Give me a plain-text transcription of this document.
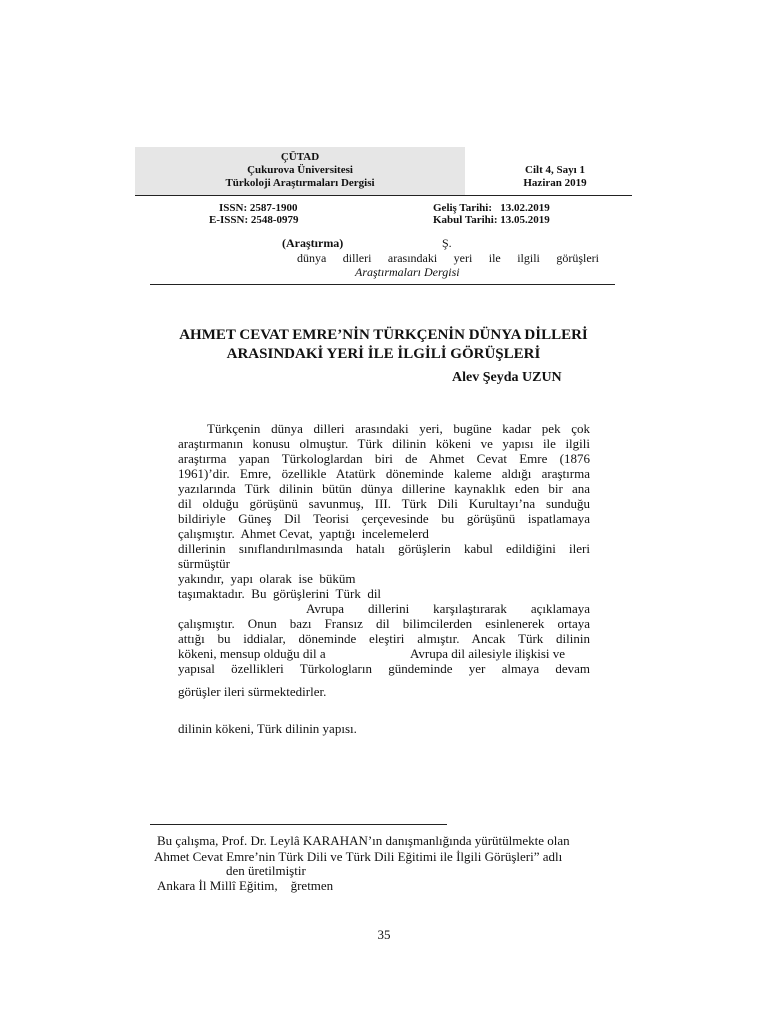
ÇÜTAD
Çukurova Üniversitesi
Türkoloji Araştırmaları Dergisi
Cilt 4, Sayı 1
Haziran 2019
ISSN: 2587-1900
E-ISSN: 2548-0979
Geliş Tarihi:   13.02.2019
Kabul Tarihi: 13.05.2019
(Araştırma)	Ş.
dünya dilleri arasındaki yeri ile ilgili görüşleri
Araştırmaları Dergisi
AHMET CEVAT EMRE’NİN TÜRKÇENİN DÜNYA DİLLERİ
ARASINDAKİ YERİ İLE İLGİLİ GÖRÜŞLERİ
Alev Şeyda UZUN
Türkçenin dünya dilleri arasındaki yeri, bugüne kadar pek çok
araştırmanın konusu olmuştur. Türk dilinin kökeni ve yapısı ile ilgili
araştırma yapan Türkologlardan biri de Ahmet Cevat Emre (1876
1961)’dir. Emre, özellikle Atatürk döneminde kaleme aldığı araştırma
yazılarında Türk dilinin bütün dünya dillerine kaynaklık eden bir ana
dil olduğu görüşünü savunmuş, III. Türk Dili Kurultayı’na sunduğu
bildiriyle Güneş Dil Teorisi çerçevesinde bu görüşünü ispatlamaya
çalışmıştır.  Ahmet Cevat,  yaptığı  incelemelerd
dillerinin sınıflandırılmasında hatalı görüşlerin kabul edildiğini ileri
sürmüştür
yakındır,  yapı  olarak  ise  büküm
taşımaktadır.  Bu  görüşlerini  Türk  dil
Avrupa dillerini karşılaştırarak açıklamaya
çalışmıştır. Onun bazı Fransız dil bilimcilerden esinlenerek ortaya
attığı bu iddialar, döneminde eleştiri almıştır. Ancak Türk dilinin
kökeni, mensup olduğu dil a	Avrupa dil ailesiyle ilişkisi ve
yapısal özellikleri Türkologların gündeminde yer almaya devam
görüşler ileri sürmektedirler.
dilinin kökeni, Türk dilinin yapısı.
Bu çalışma, Prof. Dr. Leylâ KARAHAN’ın danışmanlığında yürütülmekte olan
Ahmet Cevat Emre’nin Türk Dili ve Türk Dili Eğitimi ile İlgili Görüşleri” adlı
den üretilmiştir
Ankara İl Millî Eğitim,    ğretmen
35
